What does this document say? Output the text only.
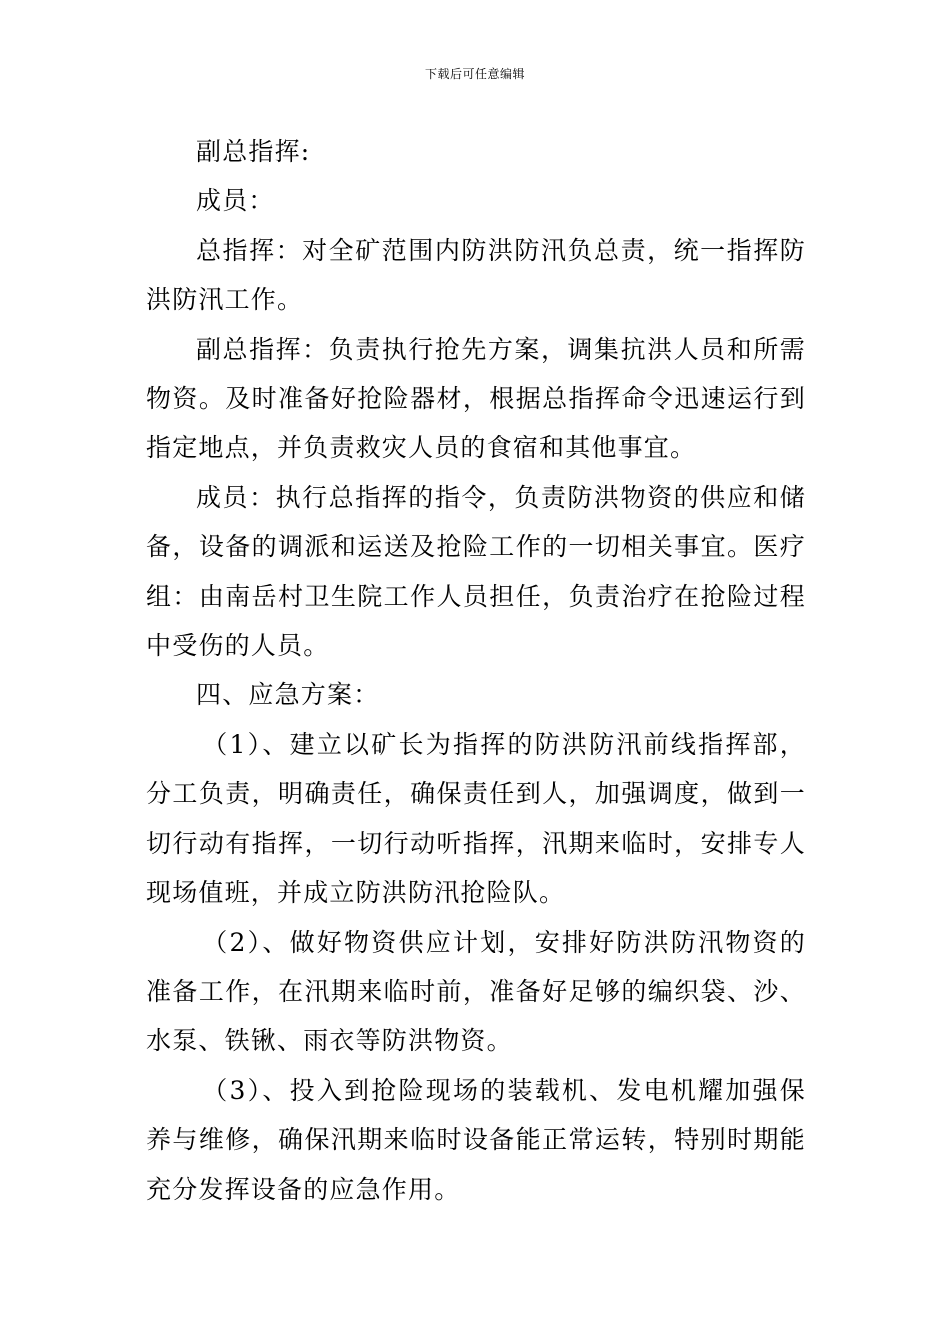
下载后可任意编辑

副总指挥:

成员：

总指挥：对全矿范围内防洪防汛负总责，统一指挥防洪防汛工作。

副总指挥：负责执行抢先方案，调集抗洪人员和所需物资。及时准备好抢险器材，根据总指挥命令迅速运行到指定地点，并负责救灾人员的食宿和其他事宜。

成员：执行总指挥的指令，负责防洪物资的供应和储备，设备的调派和运送及抢险工作的一切相关事宜。医疗组：由南岳村卫生院工作人员担任，负责治疗在抢险过程中受伤的人员。

四、应急方案：

（1）、建立以矿长为指挥的防洪防汛前线指挥部，分工负责，明确责任，确保责任到人，加强调度，做到一切行动有指挥，一切行动听指挥，汛期来临时，安排专人现场值班，并成立防洪防汛抢险队。

（2）、做好物资供应计划，安排好防洪防汛物资的准备工作，在汛期来临时前，准备好足够的编织袋、沙、水泵、铁锹、雨衣等防洪物资。

（3）、投入到抢险现场的装载机、发电机耀加强保养与维修，确保汛期来临时设备能正常运转，特别时期能充分发挥设备的应急作用。
